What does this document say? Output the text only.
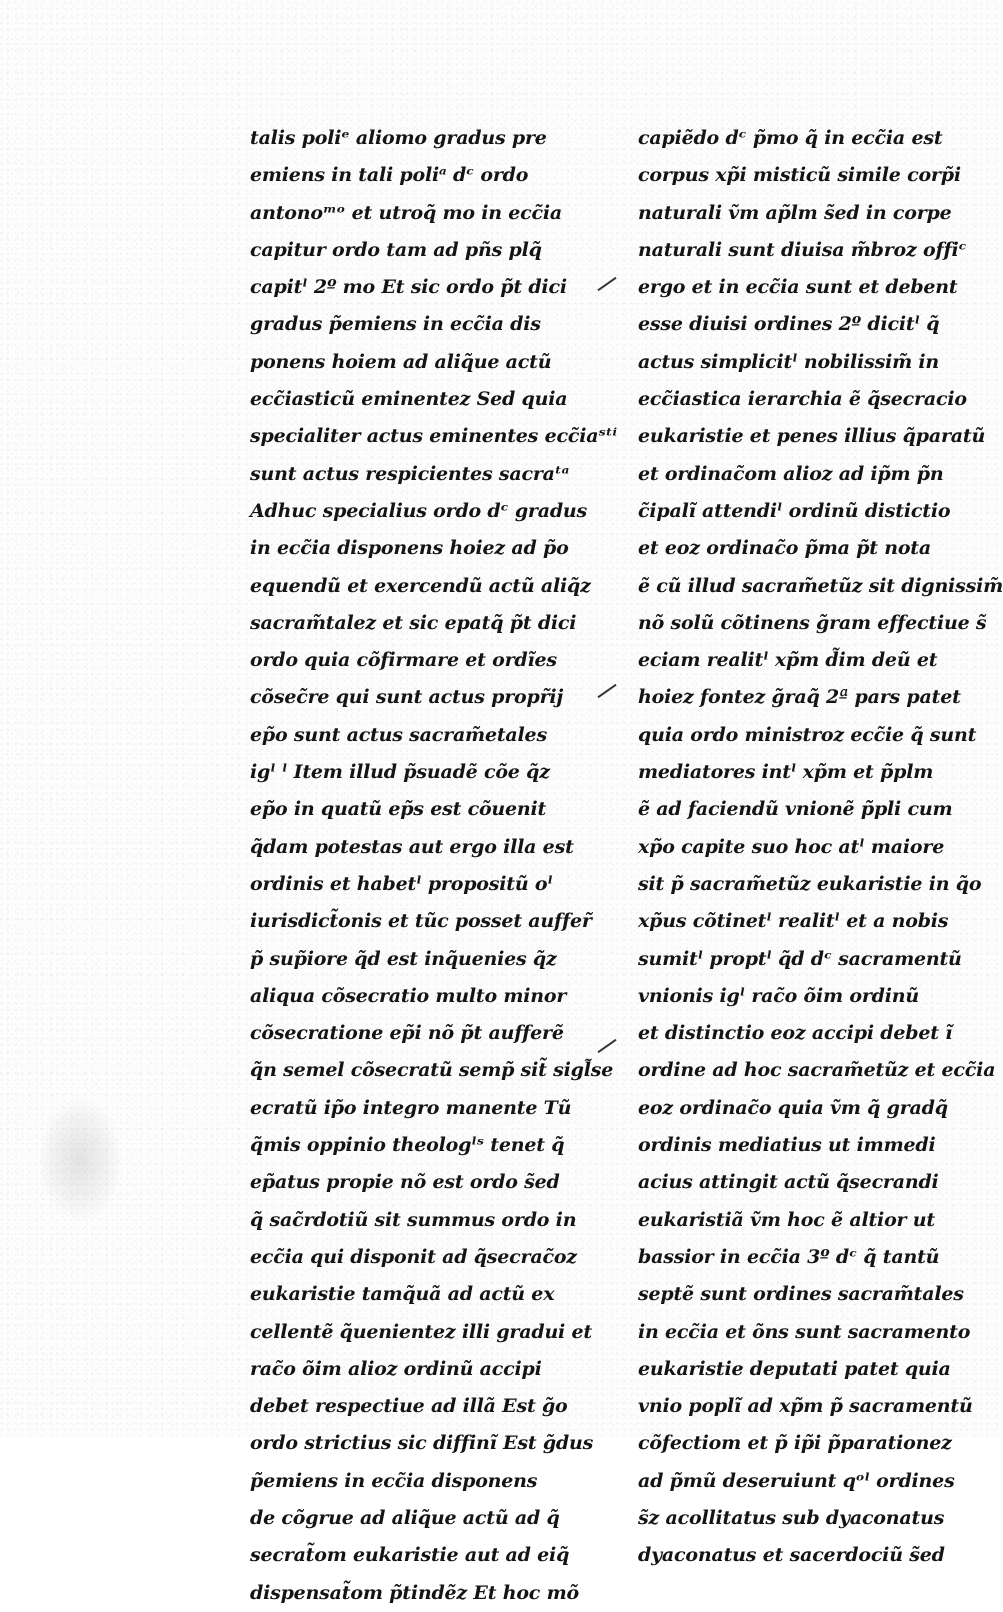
talis poliᵉ aliomo gradus pre
emiens in tali poliᵃ dᶜ ordo
antonoᵐᵒ et utroq̃ mo in ecc̃ia
capitur ordo tam ad pñs plq̃
capitˡ 2º mo Et sic ordo p̃t dici
gradus p̃emiens in ecc̃ia dis
ponens hoiem ad aliq̃ue actũ
ecc̃iasticũ eminentez Sed quia
specialiter actus eminentes ecc̃iaˢᵗⁱ
sunt actus respicientes sacraᵗᵃ
Adhuc specialius ordo dᶜ gradus
in ecc̃ia disponens hoiez ad p̃o
equendũ et exercendũ actũ aliq̃z
sacram̃talez et sic epatq̃ p̃t dici
ordo quia cõfirmare et ordĩes
cõsec̃re qui sunt actus propr̃ij
ep̃o sunt actus sacram̃etales
igˡ ˡ Item illud p̃suadẽ cõe q̃z
ep̃o in quatũ ep̃s est cõuenit
q̃dam potestas aut ergo illa est
ordinis et habetˡ propositũ oˡ
iurisdict̃onis et tũc posset auffer̃
p̃ sup̃iore q̃d est inq̃uenies q̃z
aliqua cõsecratio multo minor
cõsecratione ep̃i nõ p̃t aufferẽ
q̃n semel cõsecratũ semp̃ sit̃ sigl̃se
ecratũ ip̃o integro manente Tũ
q̃mis oppinio theologˡˢ tenet q̃
ep̃atus propie nõ est ordo s̃ed
q̃ sac̃rdotiũ sit summus ordo in
ecc̃ia qui disponit ad q̃secrac̃oz
eukaristie tamq̃uã ad actũ ex
cellentẽ q̃uenientez illi gradui et
rac̃o õim alioz ordinũ accipi
debet respectiue ad illã Est g̃o
ordo strictius sic diffinĩ Est g̃dus
p̃emiens in ecc̃ia disponens
de cõgrue ad aliq̃ue actũ ad q̃
secrat̃om eukaristie aut ad eiq̃
dispensat̃om p̃tindẽz Et hoc mõ
capiẽdo dᶜ p̃mo q̃ in ecc̃ia est
corpus xp̃i misticũ simile corp̃i
naturali ṽm ap̃lm s̃ed in corpe
naturali sunt diuisa m̃broz offiᶜ
ergo et in ecc̃ia sunt et debent
esse diuisi ordines 2º dicitˡ q̃
actus simplicitˡ nobilissim̃ in
ecc̃iastica ierarchia ẽ q̃secracio
eukaristie et penes illius q̃paratũ
et ordinac̃om alioz ad ip̃m p̃n
c̃ipalĩ attendiˡ ordinũ distictio
et eoz ordinac̃o p̃ma p̃t nota
ẽ cũ illud sacram̃etũz sit dignissim̃
nõ solũ cõtinens g̃ram effectiue s̃
eciam realitˡ xp̃m d̃im deũ et
hoiez fontez g̃raq̃ 2ª pars patet
quia ordo ministroz ecc̃ie q̃ sunt
mediatores intˡ xp̃m et p̃plm
ẽ ad faciendũ vnionẽ p̃pli cum
xp̃o capite suo hoc atˡ maiore
sit p̃ sacram̃etũz eukaristie in q̃o
xp̃us cõtinetˡ realitˡ et a nobis
sumitˡ proptˡ q̃d dᶜ sacramentũ
vnionis igˡ rac̃o õim ordinũ
et distinctio eoz accipi debet ĩ
ordine ad hoc sacram̃etũz et ecc̃ia
eoz ordinac̃o quia ṽm q̃ gradq̃
ordinis mediatius ut immedi
acius attingit actũ q̃secrandi
eukaristiã ṽm hoc ẽ altior ut
bassior in ecc̃ia 3º dᶜ q̃ tantũ
septẽ sunt ordines sacram̃tales
in ecc̃ia et õns sunt sacramento
eukaristie deputati patet quia
vnio poplĩ ad xp̃m p̃ sacramentũ
cõfectiom et p̃ ip̃i p̃parationez
ad p̃mũ deseruiunt qᵒˡ ordines
s̃z acollitatus sub dyaconatus
dyaconatus et sacerdociũ s̃ed
